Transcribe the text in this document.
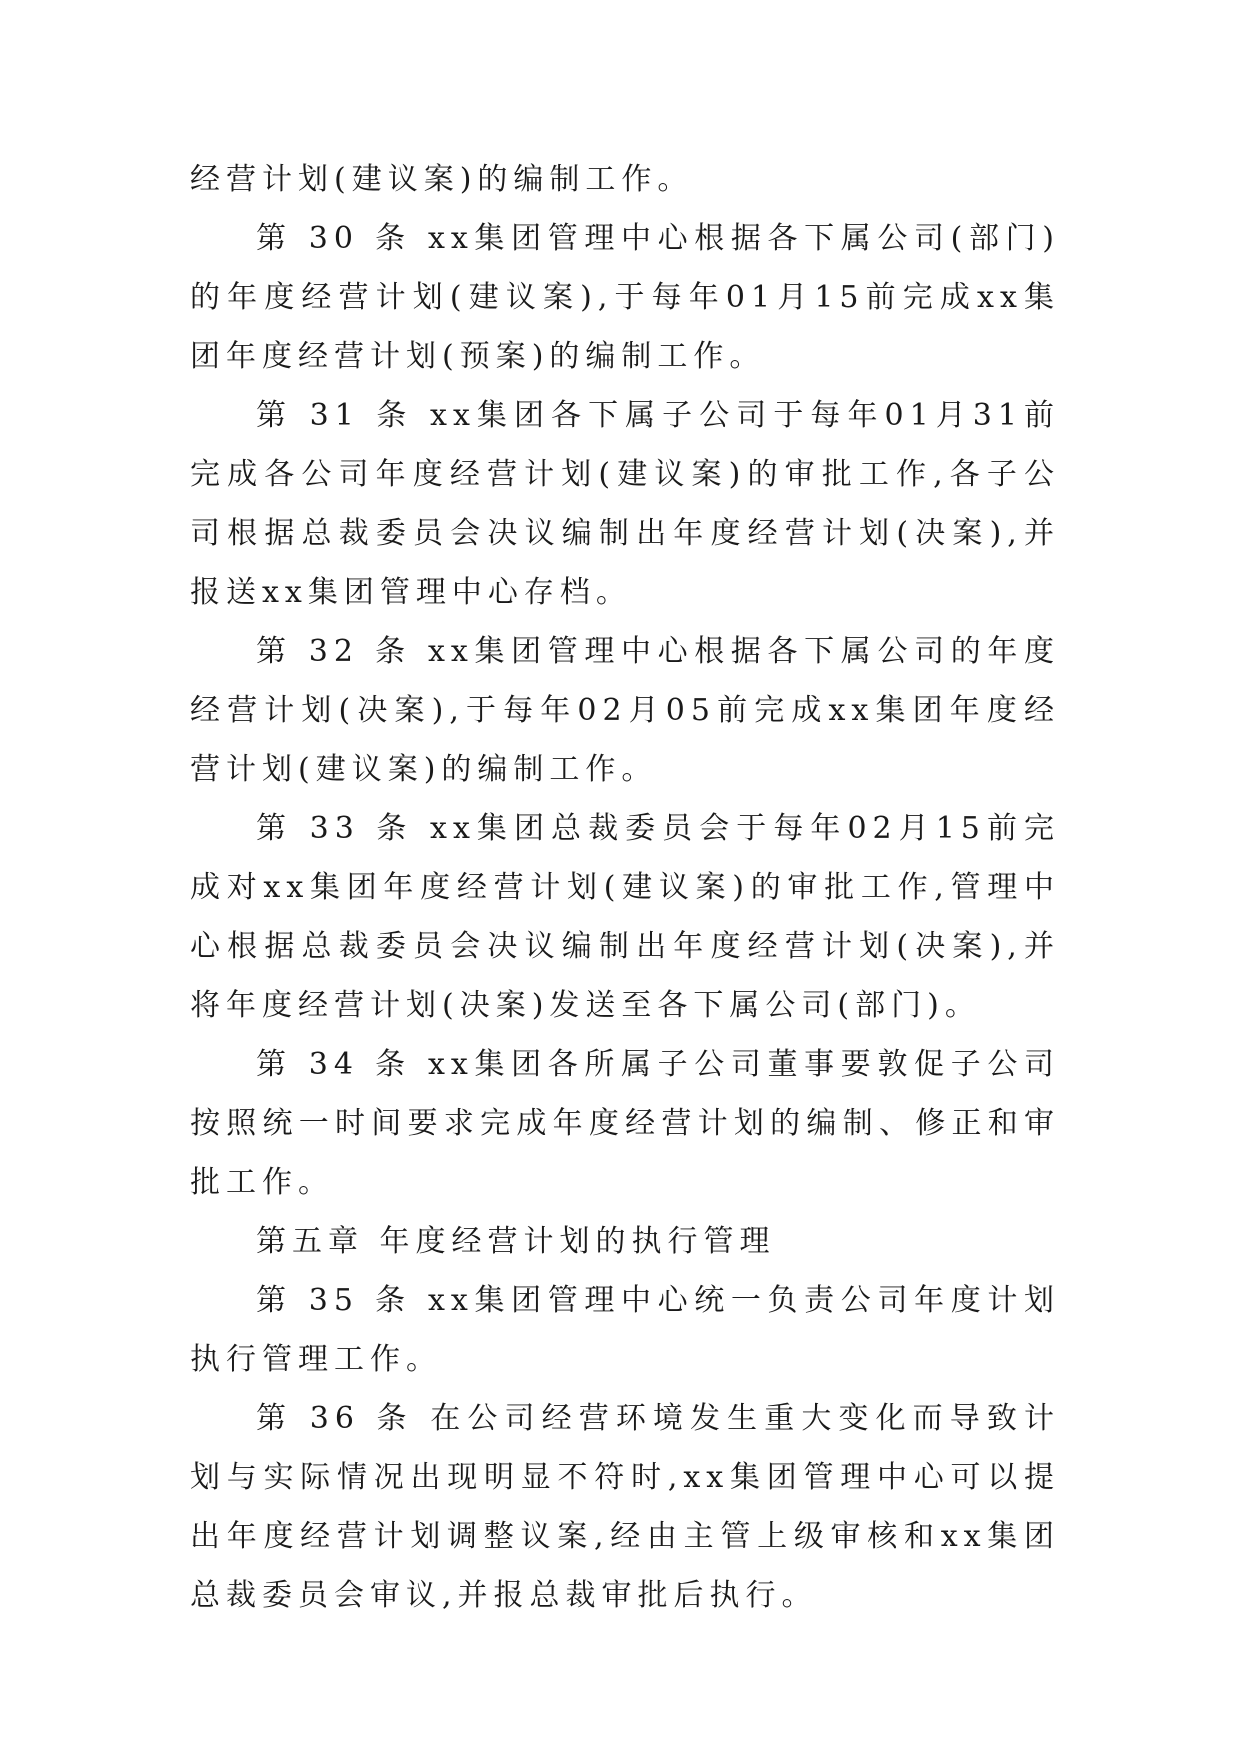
经营计划(建议案)的编制工作。

第 30 条 xx集团管理中心根据各下属公司(部门)的年度经营计划(建议案),于每年01月15前完成xx集团年度经营计划(预案)的编制工作。

第 31 条 xx集团各下属子公司于每年01月31前完成各公司年度经营计划(建议案)的审批工作,各子公司根据总裁委员会决议编制出年度经营计划(决案),并报送xx集团管理中心存档。

第 32 条 xx集团管理中心根据各下属公司的年度经营计划(决案),于每年02月05前完成xx集团年度经营计划(建议案)的编制工作。

第 33 条 xx集团总裁委员会于每年02月15前完成对xx集团年度经营计划(建议案)的审批工作,管理中心根据总裁委员会决议编制出年度经营计划(决案),并将年度经营计划(决案)发送至各下属公司(部门)。

第 34 条 xx集团各所属子公司董事要敦促子公司按照统一时间要求完成年度经营计划的编制、修正和审批工作。

第五章 年度经营计划的执行管理

第 35 条 xx集团管理中心统一负责公司年度计划执行管理工作。

第 36 条 在公司经营环境发生重大变化而导致计划与实际情况出现明显不符时,xx集团管理中心可以提出年度经营计划调整议案,经由主管上级审核和xx集团总裁委员会审议,并报总裁审批后执行。
